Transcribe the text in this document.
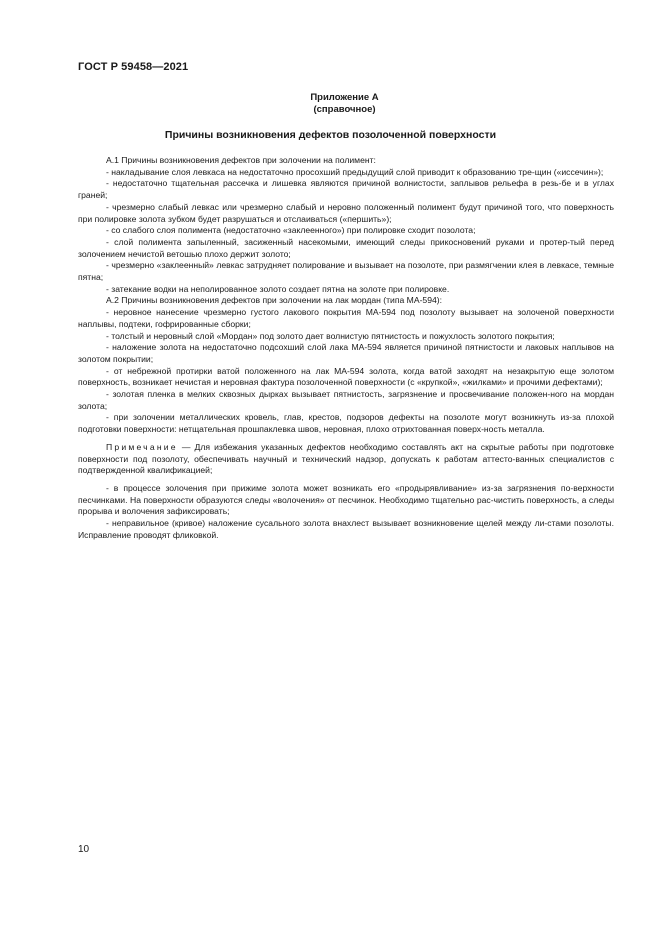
ГОСТ Р 59458—2021
Приложение А
(справочное)
Причины возникновения дефектов позолоченной поверхности

А.1 Причины возникновения дефектов при золочении на полимент:

- накладывание слоя левкаса на недостаточно просохший предыдущий слой приводит к образованию тре-щин («иссечин»);

- недостаточно тщательная рассечка и лишевка являются причиной волнистости, заплывов рельефа в резь-бе и в углах граней;

- чрезмерно слабый левкас или чрезмерно слабый и неровно положенный полимент будут причиной того, что поверхность при полировке золота зубком будет разрушаться и отслаиваться («першить»);

- со слабого слоя полимента (недостаточно «заклеенного») при полировке сходит позолота;

- слой полимента запыленный, засиженный насекомыми, имеющий следы прикосновений руками и протер-тый перед золочением нечистой ветошью плохо держит золото;

- чрезмерно «заклеенный» левкас затрудняет полирование и вызывает на позолоте, при размягчении клея в левкасе, темные пятна;

- затекание водки на неполированное золото создает пятна на золоте при полировке.

А.2 Причины возникновения дефектов при золочении на лак мордан (типа МА-594):

- неровное нанесение чрезмерно густого лакового покрытия МА-594 под позолоту вызывает на золоченой поверхности наплывы, подтеки, гофрированные сборки;

- толстый и неровный слой «Мордан» под золото дает волнистую пятнистость и пожухлость золотого покрытия;

- наложение золота на недостаточно подсохший слой лака МА-594 является причиной пятнистости и лаковых наплывов на золотом покрытии;

- от небрежной протирки ватой положенного на лак МА-594 золота, когда ватой заходят на незакрытую еще золотом поверхность, возникает нечистая и неровная фактура позолоченной поверхности (с «крупкой», «жилками» и прочими дефектами);

- золотая пленка в мелких сквозных дырках вызывает пятнистость, загрязнение и просвечивание положен-ного на мордан золота;

- при золочении металлических кровель, глав, крестов, подзоров дефекты на позолоте могут возникнуть из-за плохой подготовки поверхности: нетщательная прошпаклевка швов, неровная, плохо отрихтованная поверх-ность металла.

Примечание — Для избежания указанных дефектов необходимо составлять акт на скрытые работы при подготовке поверхности под позолоту, обеспечивать научный и технический надзор, допускать к работам аттесто-ванных специалистов с подтвержденной квалификацией;

- в процессе золочения при прижиме золота может возникать его «продырявливание» из-за загрязнения по-верхности песчинками. На поверхности образуются следы «волочения» от песчинок. Необходимо тщательно рас-чистить поверхность, а следы прорыва и волочения зафиксировать;

- неправильное (кривое) наложение сусального золота внахлест вызывает возникновение щелей между ли-стами позолоты. Исправление проводят фликовкой.

10
